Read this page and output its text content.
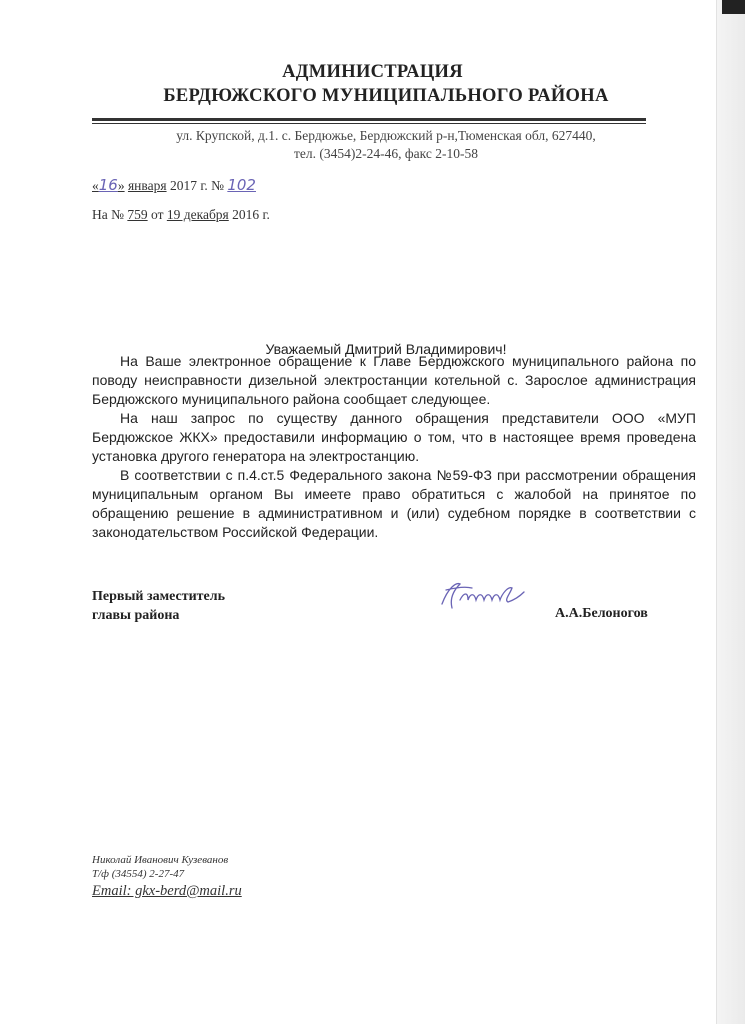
АДМИНИСТРАЦИЯ
БЕРДЮЖСКОГО МУНИЦИПАЛЬНОГО РАЙОНА
ул. Крупской, д.1. с. Бердюжье, Бердюжский р-н,Тюменская обл, 627440,
тел. (3454)2-24-46, факс 2-10-58
«16» января 2017 г. № 102
На № 759 от 19 декабря 2016 г.
Уважаемый Дмитрий Владимирович!

На Ваше электронное обращение к Главе Бердюжского муниципального района по поводу неисправности дизельной электростанции котельной с. Зарослое администрация Бердюжского муниципального района сообщает следующее.

На наш запрос по существу данного обращения представители ООО «МУП Бердюжское ЖКХ» предоставили информацию о том, что в настоящее время проведена установка другого генератора на электростанцию.

В соответствии с п.4.ст.5 Федерального закона №59-ФЗ при рассмотрении обращения муниципальным органом Вы имеете право обратиться с жалобой на принятое по обращению решение в административном и (или) судебном порядке в соответствии с законодательством Российской Федерации.

Первый заместитель
главы района	А.А.Белоногов
Николай Иванович Кузеванов
Т/ф (34554) 2-27-47
Email: gkx-berd@mail.ru
